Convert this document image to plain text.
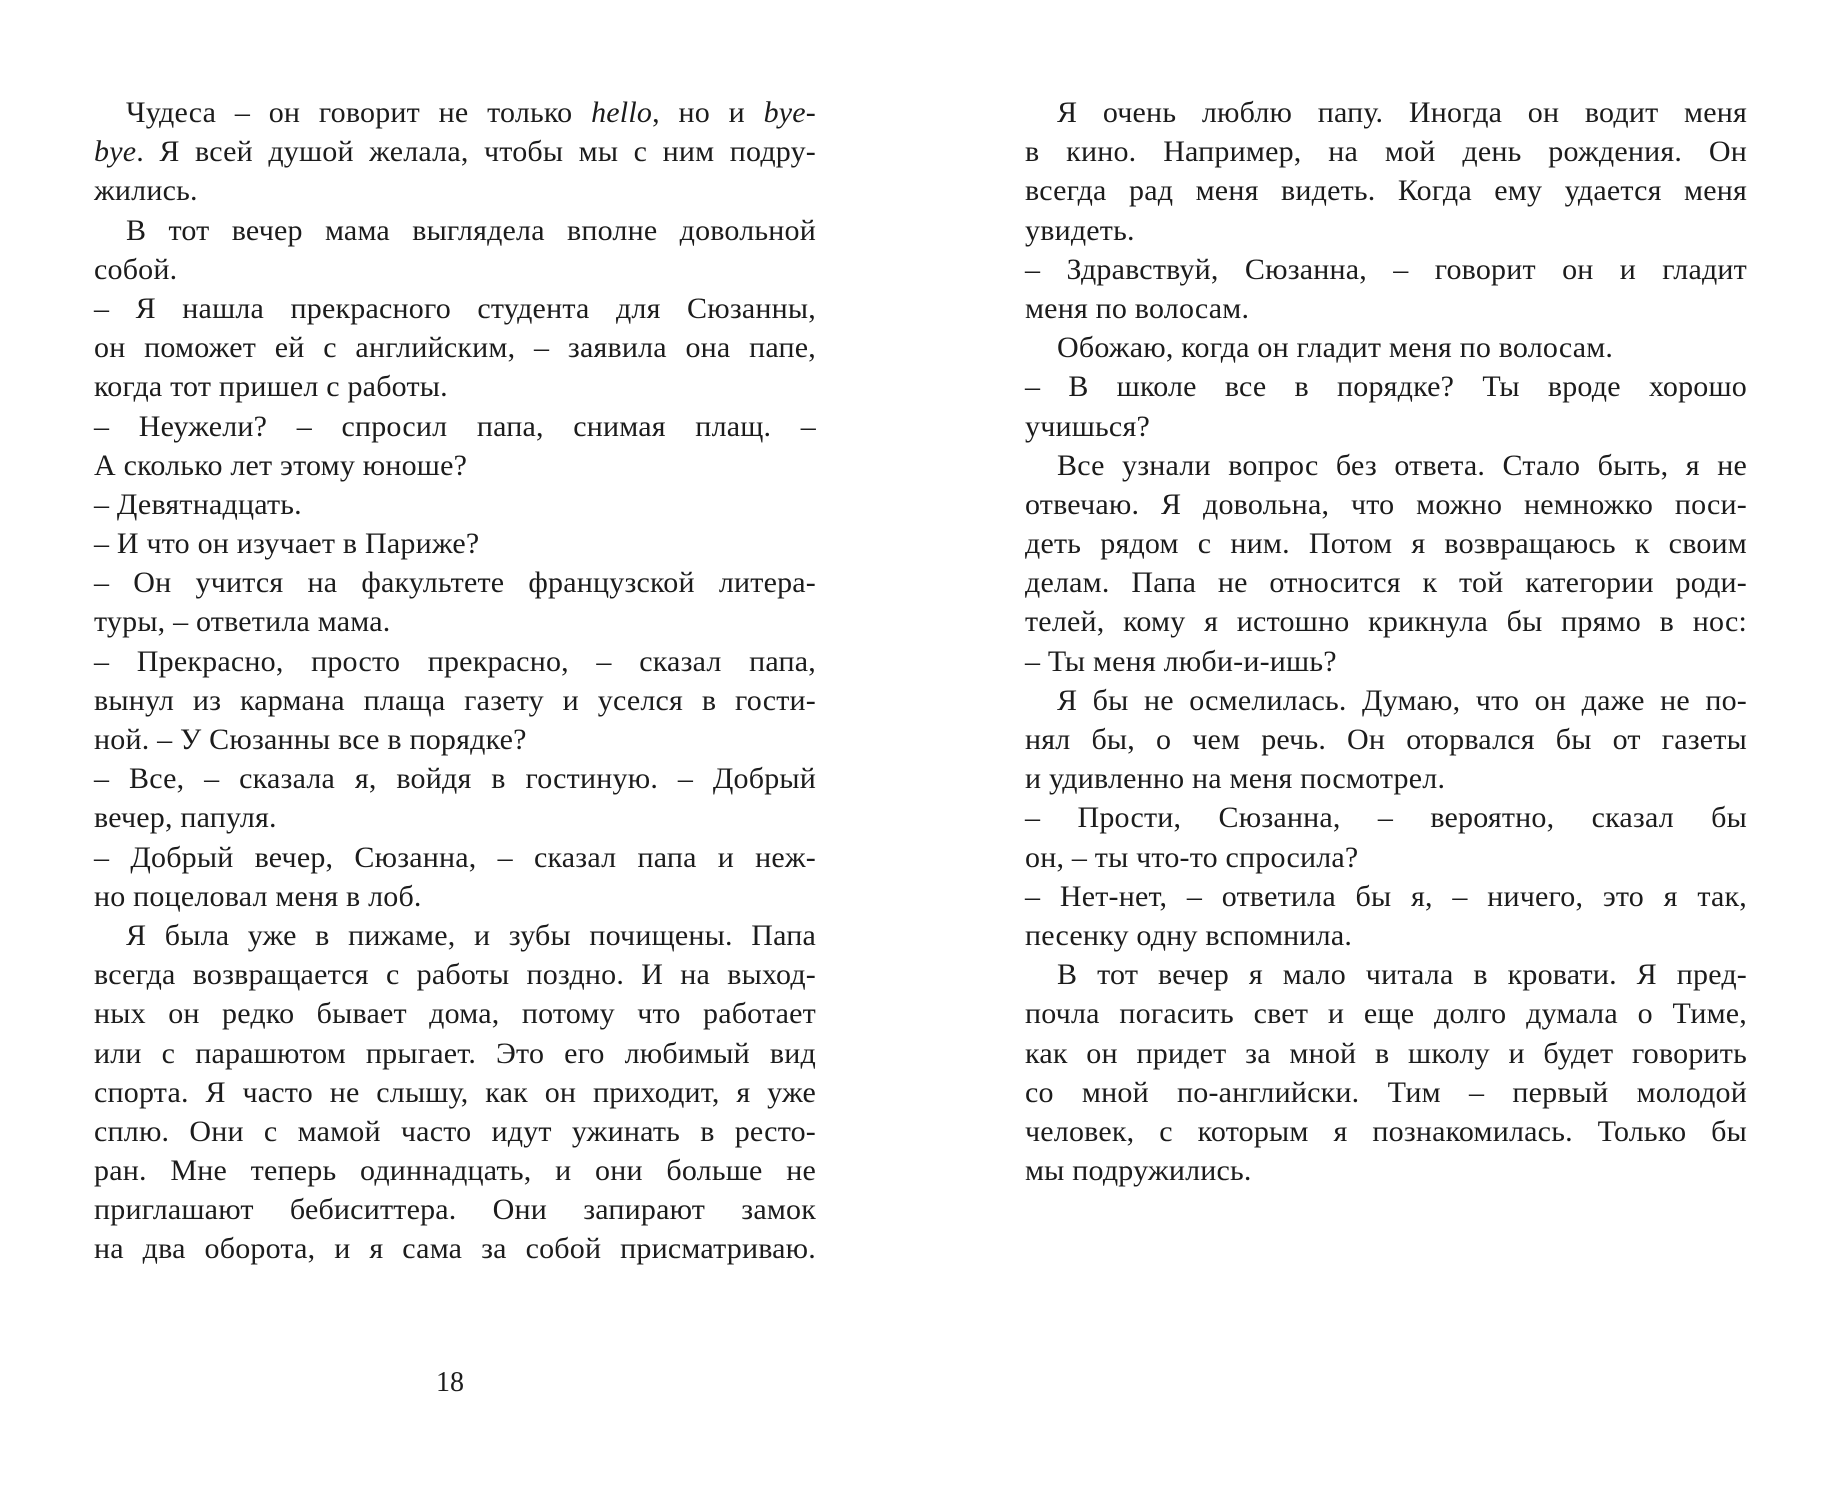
Чудеса – он говорит не только hello, но и bye-
bye. Я всей душой желала, чтобы мы с ним подру-
жились.
В тот вечер мама выглядела вполне довольной
собой.
– Я нашла прекрасного студента для Сюзанны,
он поможет ей с английским, – заявила она папе,
когда тот пришел с работы.
– Неужели? – спросил папа, снимая плащ. –
А сколько лет этому юноше?
– Девятнадцать.
– И что он изучает в Париже?
– Он учится на факультете французской литера-
туры, – ответила мама.
– Прекрасно, просто прекрасно, – сказал папа,
вынул из кармана плаща газету и уселся в гости-
ной. – У Сюзанны все в порядке?
– Все, – сказала я, войдя в гостиную. – Добрый
вечер, папуля.
– Добрый вечер, Сюзанна, – сказал папа и неж-
но поцеловал меня в лоб.
Я была уже в пижаме, и зубы почищены. Папа
всегда возвращается с работы поздно. И на выход-
ных он редко бывает дома, потому что работает
или с парашютом прыгает. Это его любимый вид
спорта. Я часто не слышу, как он приходит, я уже
сплю. Они с мамой часто идут ужинать в ресто-
ран. Мне теперь одиннадцать, и они больше не
приглашают бебиситтера. Они запирают замок
на два оборота, и я сама за собой присматриваю.
Я очень люблю папу. Иногда он водит меня
в кино. Например, на мой день рождения. Он
всегда рад меня видеть. Когда ему удается меня
увидеть.
– Здравствуй, Сюзанна, – говорит он и гладит
меня по волосам.
Обожаю, когда он гладит меня по волосам.
– В школе все в порядке? Ты вроде хорошо
учишься?
Все узнали вопрос без ответа. Стало быть, я не
отвечаю. Я довольна, что можно немножко поси-
деть рядом с ним. Потом я возвращаюсь к своим
делам. Папа не относится к той категории роди-
телей, кому я истошно крикнула бы прямо в нос:
– Ты меня люби-и-ишь?
Я бы не осмелилась. Думаю, что он даже не по-
нял бы, о чем речь. Он оторвался бы от газеты
и удивленно на меня посмотрел.
– Прости, Сюзанна, – вероятно, сказал бы
он, – ты что-то спросила?
– Нет-нет, – ответила бы я, – ничего, это я так,
песенку одну вспомнила.
В тот вечер я мало читала в кровати. Я пред-
почла погасить свет и еще долго думала о Тиме,
как он придет за мной в школу и будет говорить
со мной по-английски. Тим – первый молодой
человек, с которым я познакомилась. Только бы
мы подружились.
18
